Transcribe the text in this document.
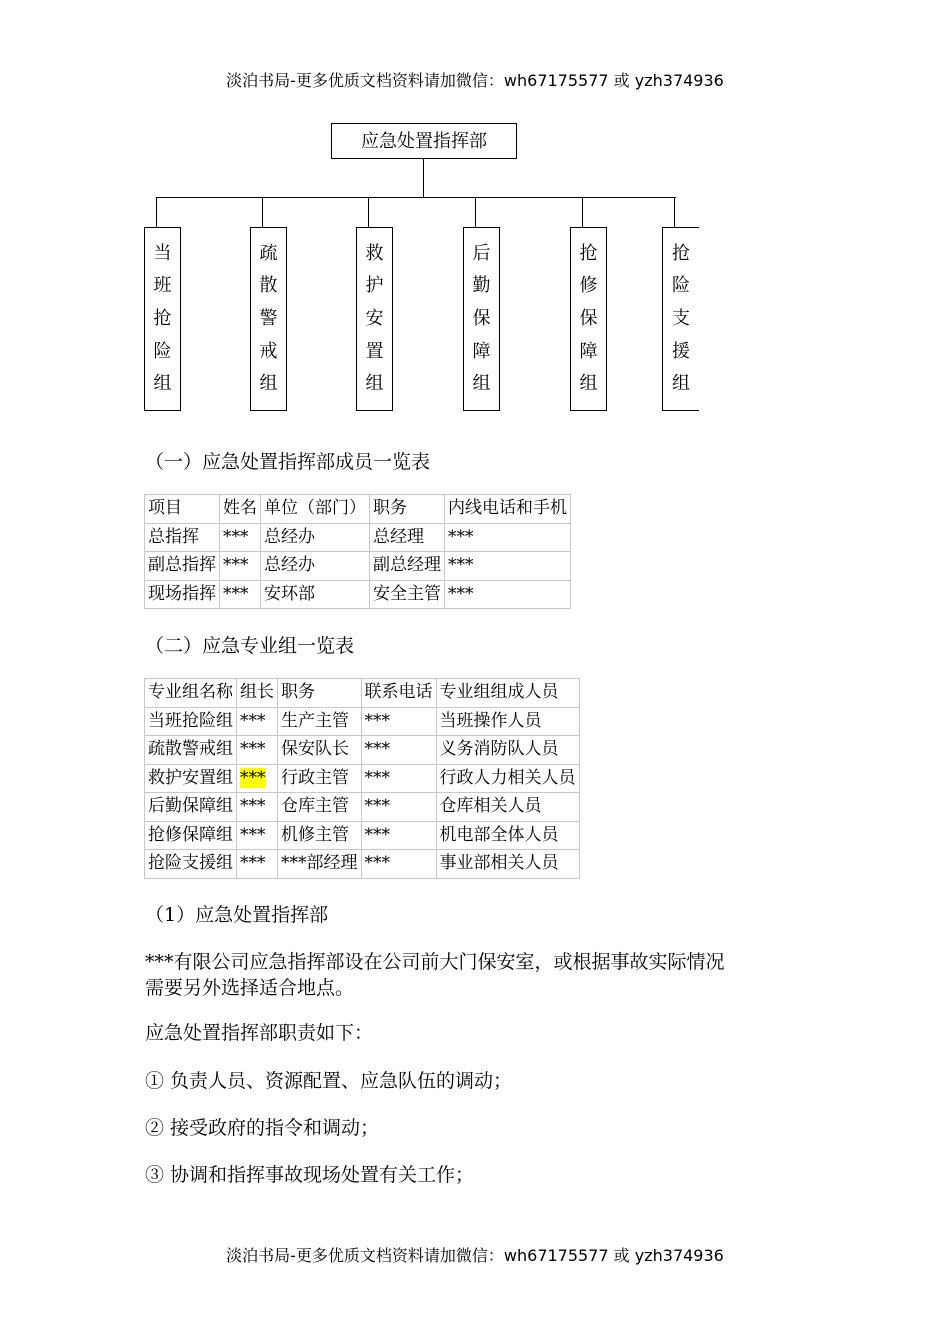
淡泊书局-更多优质文档资料请加微信：wh67175577 或 yzh374936
应急处置指挥部
当
班
抢
险
组
疏
散
警
戒
组
救
护
安
置
组
后
勤
保
障
组
抢
修
保
障
组
抢
险
支
援
组
（一）应急处置指挥部成员一览表
项目	姓名	单位（部门）	职务	内线电话和手机
总指挥	***	总经办	总经理	***
副总指挥	***	总经办	副总经理	***
现场指挥	***	安环部	安全主管	***
（二）应急专业组一览表
专业组名称	组长	职务	联系电话	专业组组成人员
当班抢险组	***	生产主管	***	当班操作人员
疏散警戒组	***	保安队长	***	义务消防队人员
救护安置组	***	行政主管	***	行政人力相关人员
后勤保障组	***	仓库主管	***	仓库相关人员
抢修保障组	***	机修主管	***	机电部全体人员
抢险支援组	***	***部经理	***	事业部相关人员
（1）应急处置指挥部
***有限公司应急指挥部设在公司前大门保安室，或根据事故实际情况
需要另外选择适合地点。
应急处置指挥部职责如下：
① 负责人员、资源配置、应急队伍的调动；
② 接受政府的指令和调动；
③ 协调和指挥事故现场处置有关工作；
淡泊书局-更多优质文档资料请加微信：wh67175577 或 yzh374936
